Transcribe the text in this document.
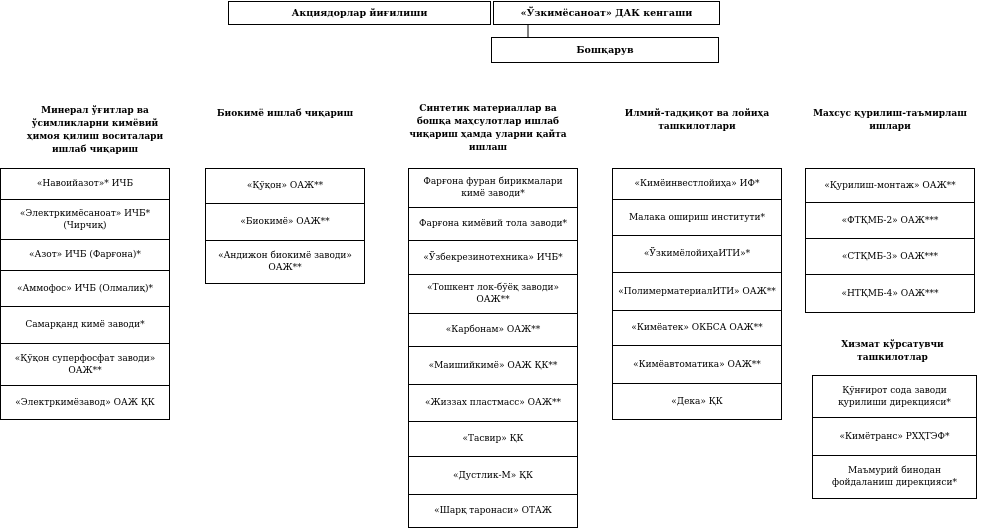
Акциядорлар йиғилиши	«Ўзкимёсаноат» ДАК кенгаши
Бошқарув
Минерал ўғитлар ва ўсимликларни кимёвий ҳимоя қилиш воситалари ишлаб чиқариш
«Навоийазот»* ИЧБ
«Электркимёсаноат» ИЧБ* (Чирчиқ)
«Азот» ИЧБ (Фарғона)*
«Аммофос» ИЧБ (Олмалиқ)*
Самарқанд кимё заводи*
«Қўқон суперфосфат заводи» ОАЖ**
«Электркимёзавод» ОАЖ ҚК
Биокимё ишлаб чиқариш
«Қўқон» ОАЖ**
«Биокимё» ОАЖ**
«Андижон биокимё заводи» ОАЖ**
Синтетик материаллар ва бошқа маҳсулотлар ишлаб чиқариш ҳамда уларни қайта ишлаш
Фарғона фуран бирикмалари кимё заводи*
Фарғона кимёвий тола заводи*
«Ўзбекрезинотехника» ИЧБ*
«Тошкент лок-бўёқ заводи» ОАЖ**
«Карбонам» ОАЖ**
«Маишийкимё» ОАЖ ҚК**
«Жиззах пластмасс» ОАЖ**
«Тасвир» ҚК
«Дустлик-М» ҚК
«Шарқ таронаси» ОТАЖ
Илмий-тадқиқот ва лойиҳа ташкилотлари
«Кимёинвестлойиҳа» ИФ*
Малака ошириш институти*
«ЎзкимёлойиҳаИТИ»*
«ПолимерматериалИТИ» ОАЖ**
«Кимёатек» ОКБСА ОАЖ**
«Кимёавтоматика» ОАЖ**
«Дека» ҚК
Махсус қурилиш-таъмирлаш ишлари
«Қурилиш-монтаж» ОАЖ**
«ФТҚМБ-2» ОАЖ***
«СТҚМБ-3» ОАЖ***
«НТҚМБ-4» ОАЖ***
Хизмат кўрсатувчи ташкилотлар
Қўнғирот сода заводи қурилиши дирекцияси*
«Кимётранс» РХҲТЭФ*
Маъмурий бинодан фойдаланиш дирекцияси*
